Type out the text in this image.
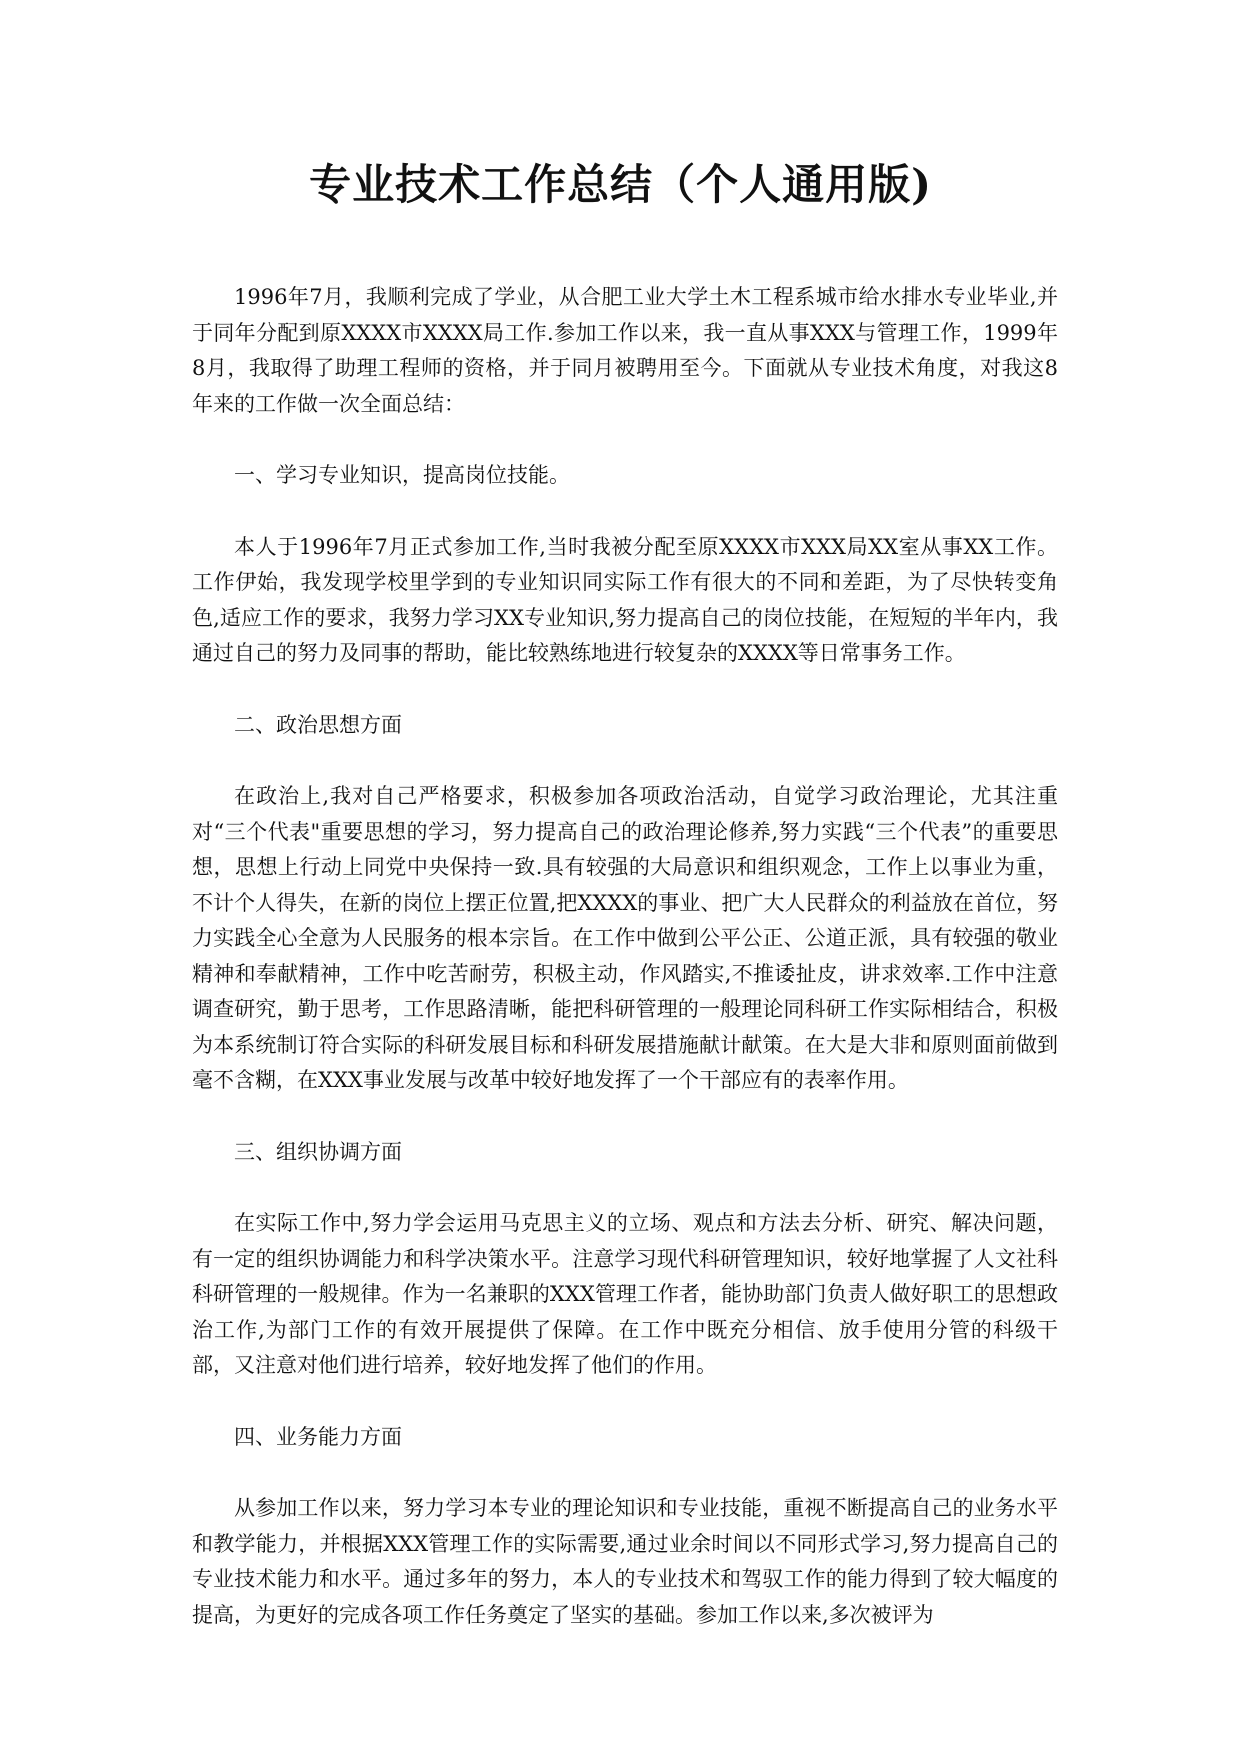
专业技术工作总结（个人通用版)

1996年7月，我顺利完成了学业，从合肥工业大学土木工程系城市给水排水专业毕业,并于同年分配到原XXXX市XXXX局工作.参加工作以来，我一直从事XXX与管理工作，1999年8月，我取得了助理工程师的资格，并于同月被聘用至今。下面就从专业技术角度，对我这8年来的工作做一次全面总结：

一、学习专业知识，提高岗位技能。

本人于1996年7月正式参加工作,当时我被分配至原XXXX市XXX局XX室从事XX工作。工作伊始，我发现学校里学到的专业知识同实际工作有很大的不同和差距，为了尽快转变角色,适应工作的要求，我努力学习XX专业知识,努力提高自己的岗位技能，在短短的半年内，我通过自己的努力及同事的帮助，能比较熟练地进行较复杂的XXXX等日常事务工作。

二、政治思想方面

在政治上,我对自己严格要求，积极参加各项政治活动，自觉学习政治理论，尤其注重对“三个代表"重要思想的学习，努力提高自己的政治理论修养,努力实践“三个代表”的重要思想，思想上行动上同党中央保持一致.具有较强的大局意识和组织观念，工作上以事业为重，不计个人得失，在新的岗位上摆正位置,把XXXX的事业、把广大人民群众的利益放在首位，努力实践全心全意为人民服务的根本宗旨。在工作中做到公平公正、公道正派，具有较强的敬业精神和奉献精神，工作中吃苦耐劳，积极主动，作风踏实,不推诿扯皮，讲求效率.工作中注意调查研究，勤于思考，工作思路清晰，能把科研管理的一般理论同科研工作实际相结合，积极为本系统制订符合实际的科研发展目标和科研发展措施献计献策。在大是大非和原则面前做到毫不含糊，在XXX事业发展与改革中较好地发挥了一个干部应有的表率作用。

三、组织协调方面

在实际工作中,努力学会运用马克思主义的立场、观点和方法去分析、研究、解决问题，有一定的组织协调能力和科学决策水平。注意学习现代科研管理知识，较好地掌握了人文社科科研管理的一般规律。作为一名兼职的XXX管理工作者，能协助部门负责人做好职工的思想政治工作,为部门工作的有效开展提供了保障。在工作中既充分相信、放手使用分管的科级干部，又注意对他们进行培养，较好地发挥了他们的作用。

四、业务能力方面

从参加工作以来，努力学习本专业的理论知识和专业技能，重视不断提高自己的业务水平和教学能力，并根据XXX管理工作的实际需要,通过业余时间以不同形式学习,努力提高自己的专业技术能力和水平。通过多年的努力，本人的专业技术和驾驭工作的能力得到了较大幅度的提高，为更好的完成各项工作任务奠定了坚实的基础。参加工作以来,多次被评为
